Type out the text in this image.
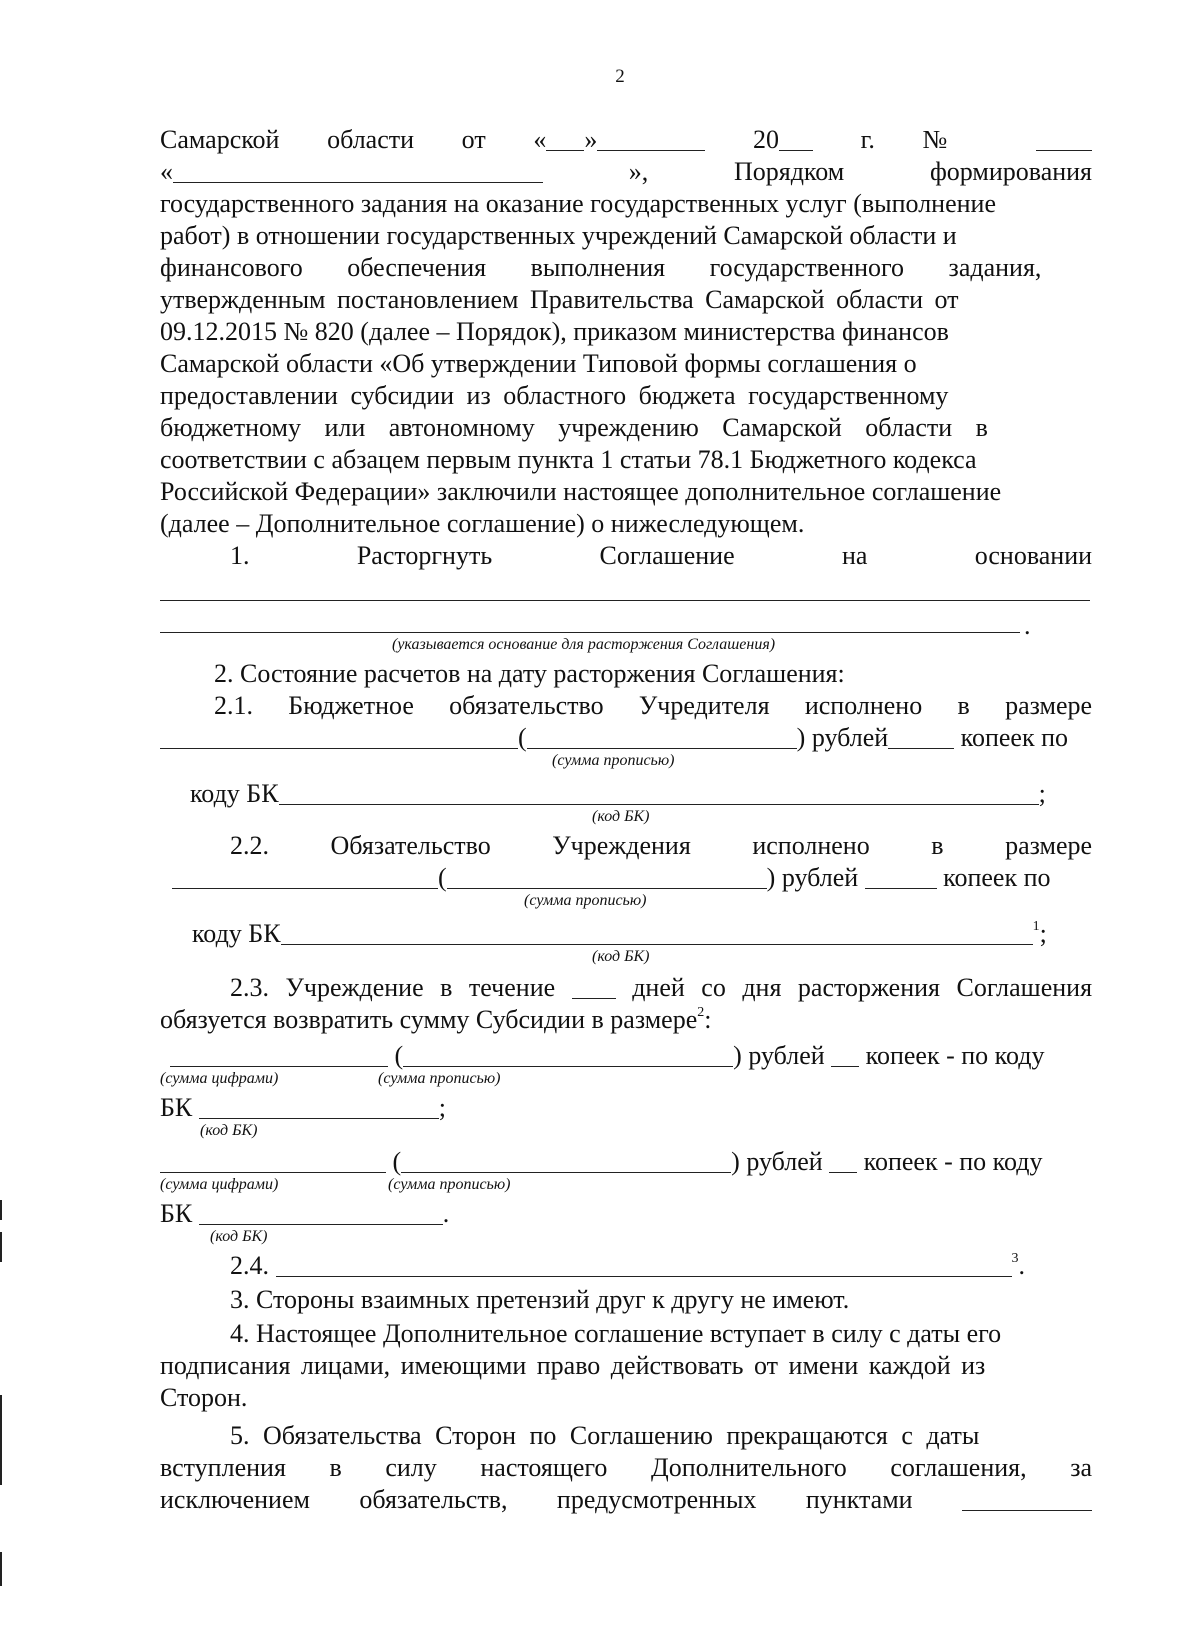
2
Самарской области от « »	20	г. №
«	»,	Порядком	формирования
государственного задания на оказание государственных услуг (выполнение
работ) в отношении государственных учреждений Самарской области и
финансового обеспечения выполнения государственного задания,
утвержденным постановлением Правительства Самарской области от
09.12.2015 № 820 (далее – Порядок), приказом министерства финансов
Самарской области «Об утверждении Типовой формы соглашения о
предоставлении субсидии из областного бюджета государственному
бюджетному или автономному учреждению Самарской области в
соответствии с абзацем первым пункта 1 статьи 78.1 Бюджетного кодекса
Российской Федерации» заключили настоящее дополнительное соглашение
(далее – Дополнительное соглашение) о нижеследующем.
1.	Расторгнуть	Соглашение	на	основании
.
(указывается основание для расторжения Соглашения)
2. Состояние расчетов на дату расторжения Соглашения:
2.1. Бюджетное обязательство Учредителя исполнено в размере
(	) рублей	копеек по
(сумма прописью)
коду БК	;
(код БК)
2.2. Обязательство Учреждения исполнено в размере
(	) рублей	копеек по
(сумма прописью)
коду БК	$^1$;
(код БК)
2.3. Учреждение в течение	дней со дня расторжения Соглашения
обязуется возвратить сумму Субсидии в размере$^2$:
(	) рублей копеек - по коду
(сумма цифрами)	(сумма прописью)
БК	;
(код БК)
(	) рублей копеек - по коду
(сумма цифрами)	(сумма прописью)
БК	.
(код БК)
2.4.	$^3$.
3. Стороны взаимных претензий друг к другу не имеют.
4. Настоящее Дополнительное соглашение вступает в силу с даты его
подписания лицами, имеющими право действовать от имени каждой из
Сторон.
5. Обязательства Сторон по Соглашению прекращаются с даты
вступления в силу настоящего Дополнительного соглашения, за
исключением обязательств, предусмотренных пунктами
